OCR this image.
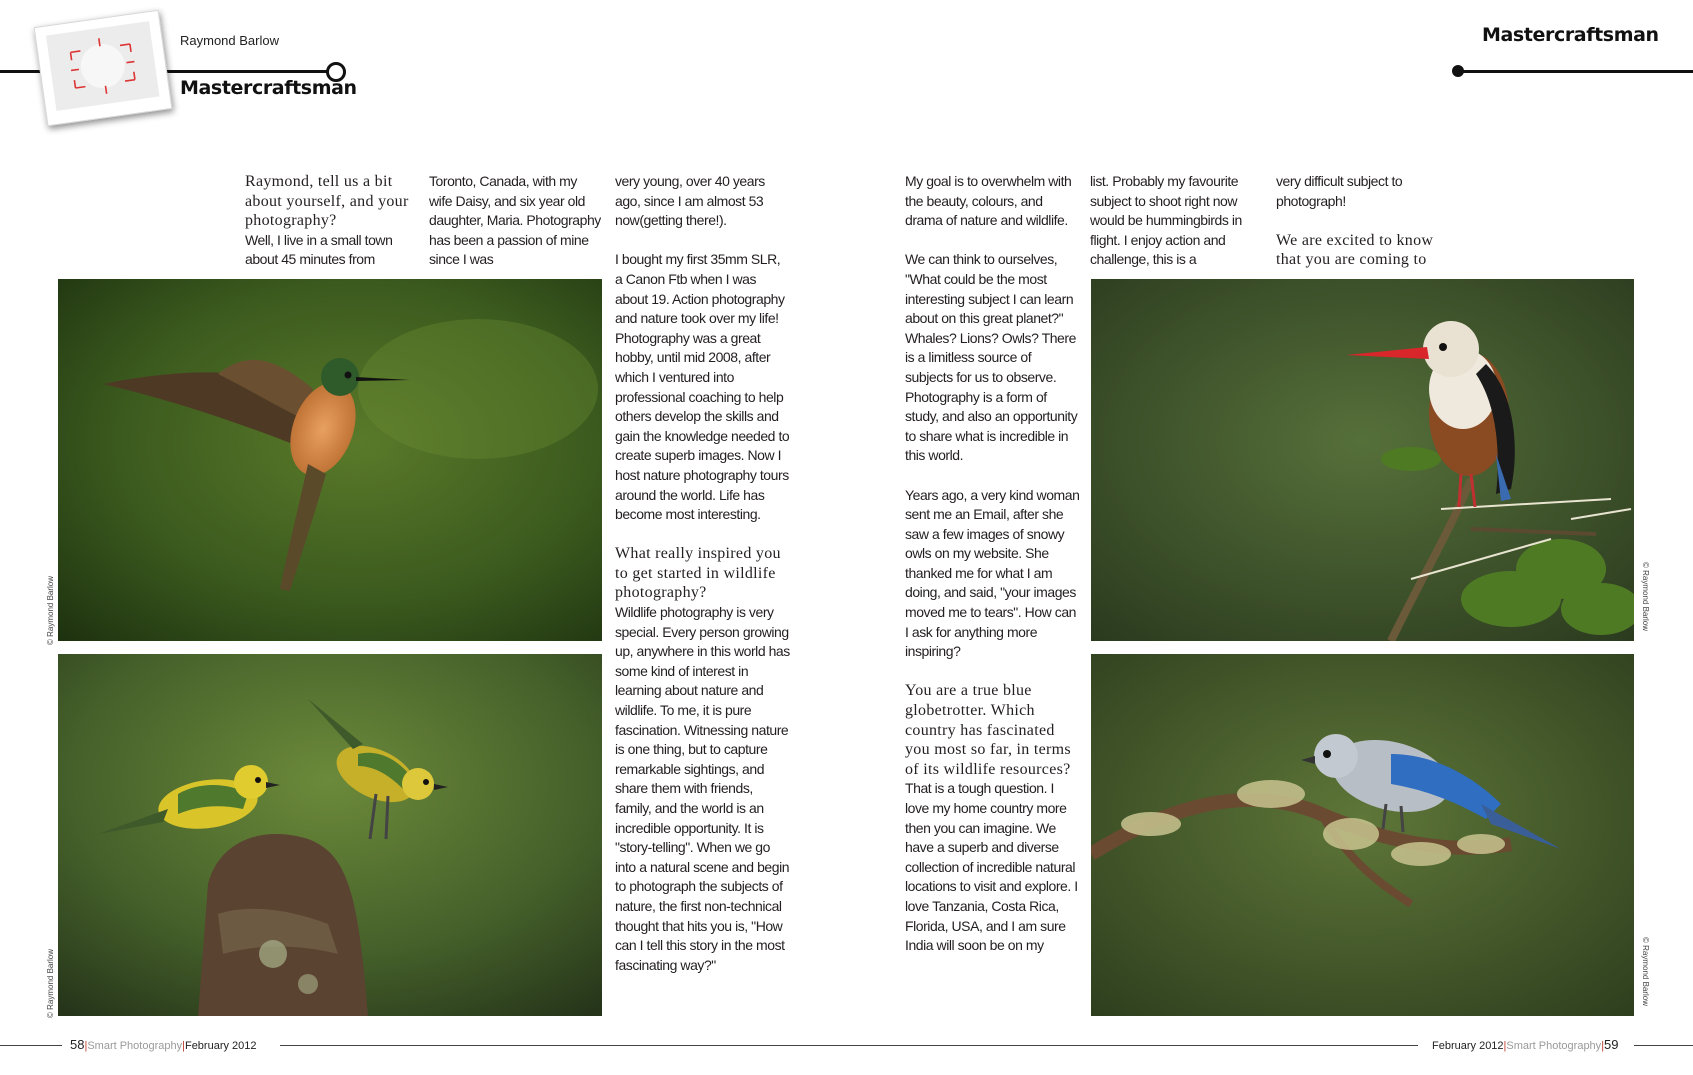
Raymond Barlow
Mastercraftsman
Mastercraftsman
Raymond, tell us a bit about yourself, and your photography?

Well, I live in a small town about 45 minutes from

Toronto, Canada, with my wife Daisy, and six year old daughter, Maria. Photography has been a passion of mine since I was

very young, over 40 years ago, since I am almost 53 now(getting there!).

I bought my first 35mm SLR, a Canon Ftb when I was about 19. Action photography and nature took over my life! Photography was a great hobby, until mid 2008, after which I ventured into professional coaching to help others develop the skills and gain the knowledge needed to create superb images. Now I host nature photography tours around the world. Life has become most interesting.

What really inspired you to get started in wildlife photography?

Wildlife photography is very special. Every person growing up, anywhere in this world has some kind of interest in learning about nature and wildlife. To me, it is pure fascination. Witnessing nature is one thing, but to capture remarkable sightings, and share them with friends, family, and the world is an incredible opportunity. It is "story-telling". When we go into a natural scene and begin to photograph the subjects of nature, the first non-technical thought that hits you is, "How can I tell this story in the most fascinating way?"

My goal is to overwhelm with the beauty, colours, and drama of nature and wildlife.

We can think to ourselves, "What could be the most interesting subject I can learn about on this great planet?" Whales? Lions? Owls? There is a limitless source of subjects for us to observe. Photography is a form of study, and also an opportunity to share what is incredible in this world.

Years ago, a very kind woman sent me an Email, after she saw a few images of snowy owls on my website. She thanked me for what I am doing, and said, "your images moved me to tears". How can I ask for anything more inspiring?

You are a true blue globetrotter. Which country has fascinated you most so far, in terms of its wildlife resources?

That is a tough question. I love my home country more then you can imagine. We have a superb and diverse collection of incredible natural locations to visit and explore. I love Tanzania, Costa Rica, Florida, USA, and I am sure India will soon be on my

list. Probably my favourite subject to shoot right now would be hummingbirds in flight. I enjoy action and challenge, this is a

very difficult subject to photograph!

We are excited to know that you are coming to
© Raymond Barlow
© Raymond Barlow
© Raymond Barlow
© Raymond Barlow
58|Smart Photography|February 2012	February 2012|Smart Photography|59
